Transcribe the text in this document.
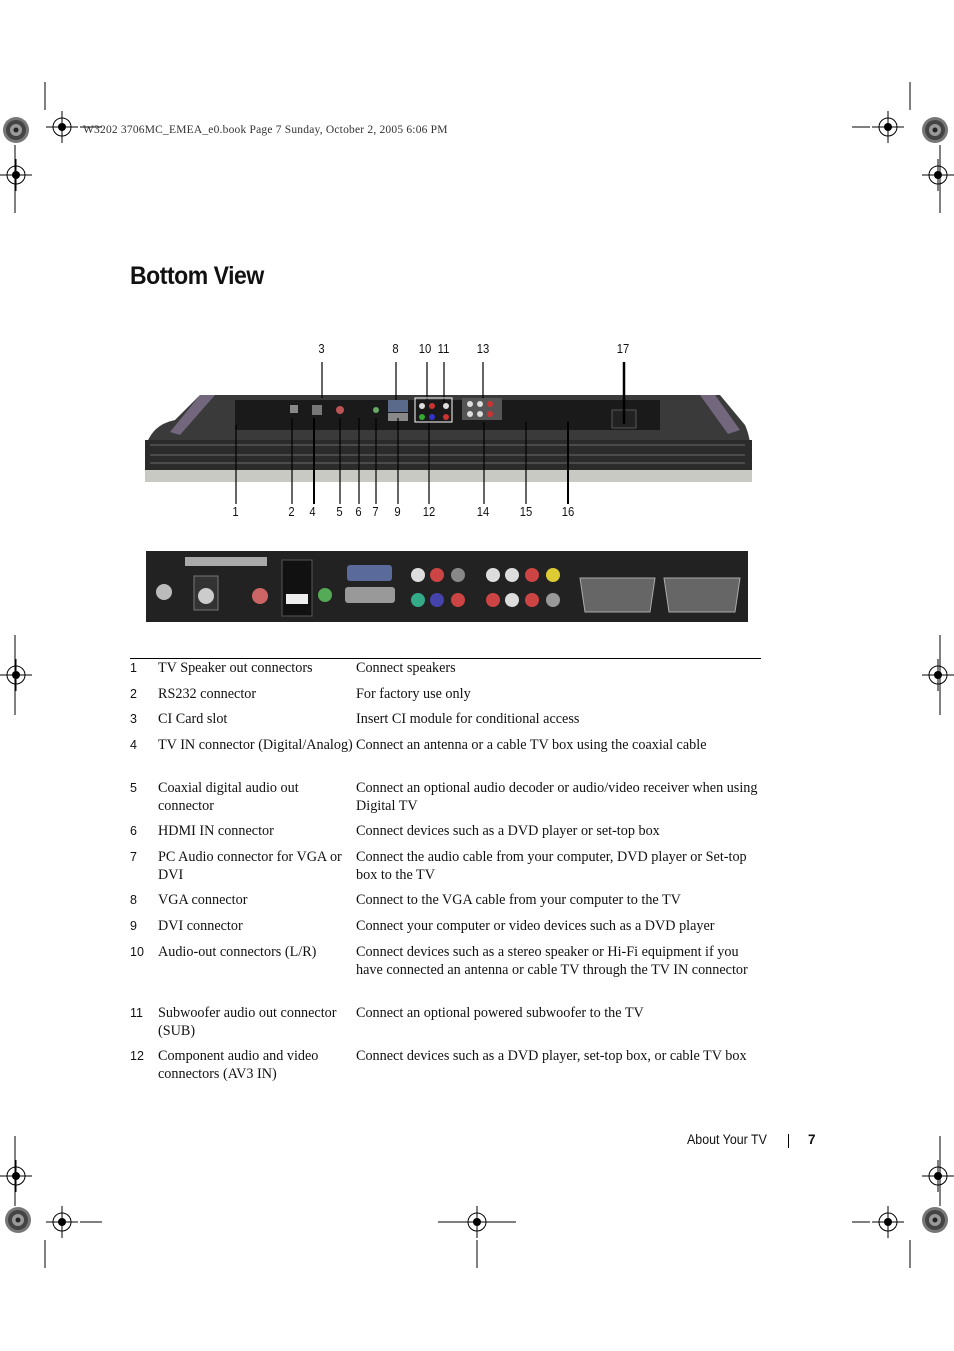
W3202 3706MC_EMEA_e0.book Page 7 Sunday, October 2, 2005 6:06 PM
Bottom View
3	8 10 11 13	17
1	2 4 5 6 7 9 12	14 15 16
1	TV Speaker out connectors	Connect speakers
2	RS232 connector	For factory use only
3	CI Card slot	Insert CI module for conditional access
4	TV IN connector (Digital/Analog)	Connect an antenna or a cable TV box using the coaxial cable
5	Coaxial digital audio out connector	Connect an optional audio decoder or audio/video receiver when using Digital TV
6	HDMI IN connector	Connect devices such as a DVD player or set-top box
7	PC Audio connector for VGA or DVI	Connect the audio cable from your computer, DVD player or Set-top box to the TV
8	VGA connector	Connect to the VGA cable from your computer to the TV
9	DVI connector	Connect your computer or video devices such as a DVD player
10	Audio-out connectors (L/R)	Connect devices such as a stereo speaker or Hi-Fi equipment if you have connected an antenna or cable TV through the TV IN connector
11	Subwoofer audio out connector (SUB)	Connect an optional powered subwoofer to the TV
12	Component audio and video connectors (AV3 IN)	Connect devices such as a DVD player, set-top box, or cable TV box
About Your TV	7
